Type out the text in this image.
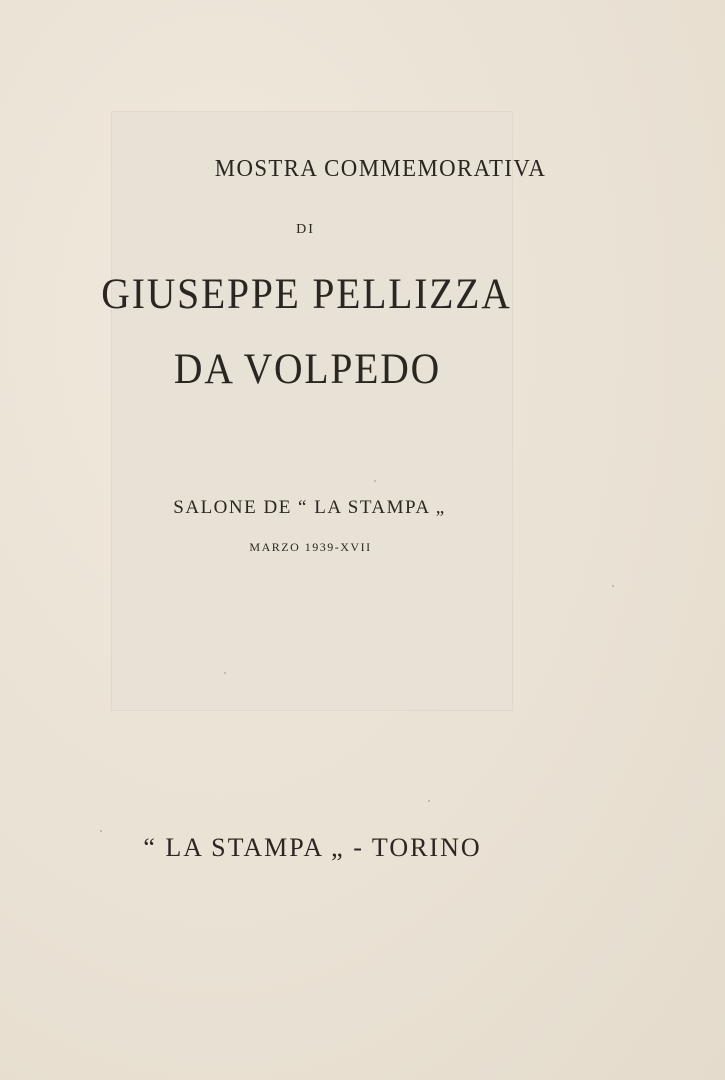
MOSTRA COMMEMORATIVA
DI
GIUSEPPE PELLIZZA
DA VOLPEDO
SALONE DE “ LA STAMPA „
MARZO 1939-XVII
“ LA STAMPA „ - TORINO
